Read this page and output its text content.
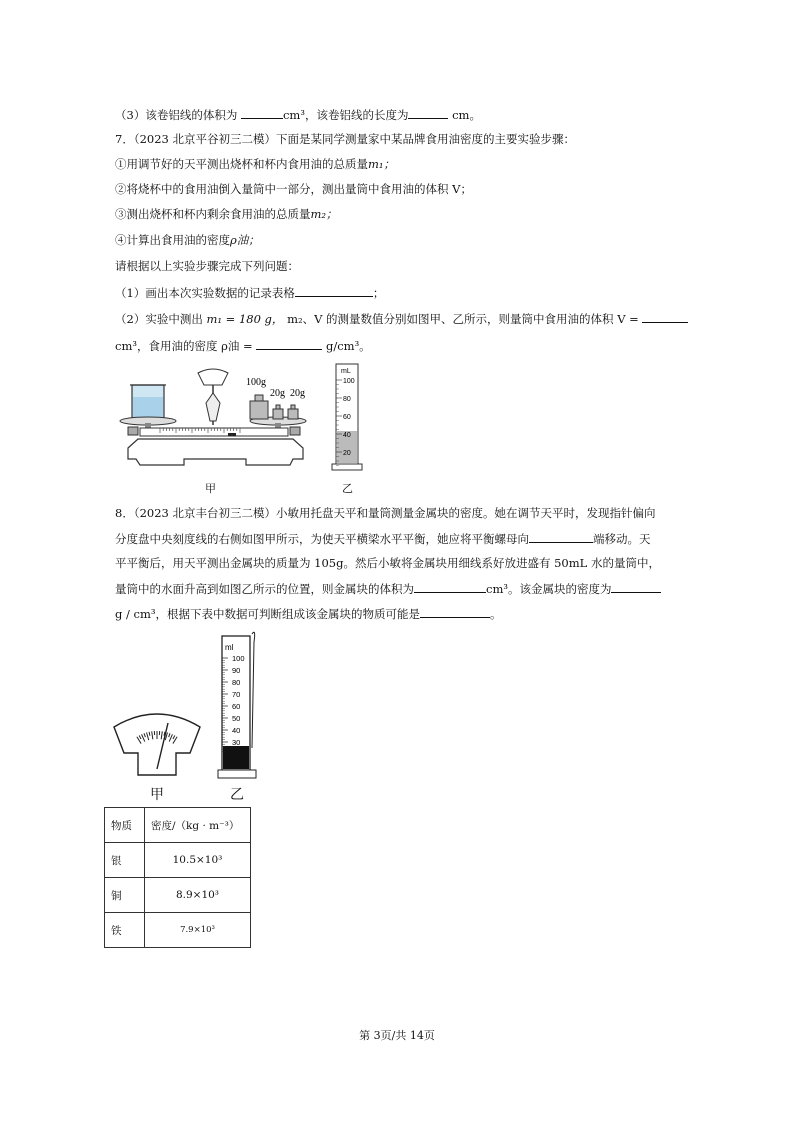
（3）该卷铝线的体积为	cm³，该卷铝线的长度为	cm。
7．（2023 北京平谷初三二模）下面是某同学测量家中某品牌食用油密度的主要实验步骤：
①用调节好的天平测出烧杯和杯内食用油的总质量m₁；
②将烧杯中的食用油倒入量筒中一部分，测出量筒中食用油的体积 V；
③测出烧杯和杯内剩余食用油的总质量m₂；
④计算出食用油的密度ρ油；
请根据以上实验步骤完成下列问题：
（1）画出本次实验数据的记录表格	；
（2）实验中测出 m₁ = 180 g， m₂、V 的测量数值分别如图甲、乙所示，则量筒中食用油的体积 V =
cm³，食用油的密度 ρ油 =	g/cm³。
100g
20g 20g
mL
100
80
60
40
20
甲	乙
8．（2023 北京丰台初三二模）小敏用托盘天平和量筒测量金属块的密度。她在调节天平时，发现指针偏向
分度盘中央刻度线的右侧如图甲所示，为使天平横梁水平平衡，她应将平衡螺母向	端移动。天
平平衡后，用天平测出金属块的质量为 105g。然后小敏将金属块用细线系好放进盛有 50mL 水的量筒中，
量筒中的水面升高到如图乙所示的位置，则金属块的体积为	cm³。该金属块的密度为
g / cm³，根据下表中数据可判断组成该金属块的物质可能是	。
ml
100
90
80
70
60
50
40
30
甲	乙
物质	密度/（kg · m⁻³）
银	10.5×10³
铜	8.9×10³
铁	7.9×10³
第 3页/共 14页
